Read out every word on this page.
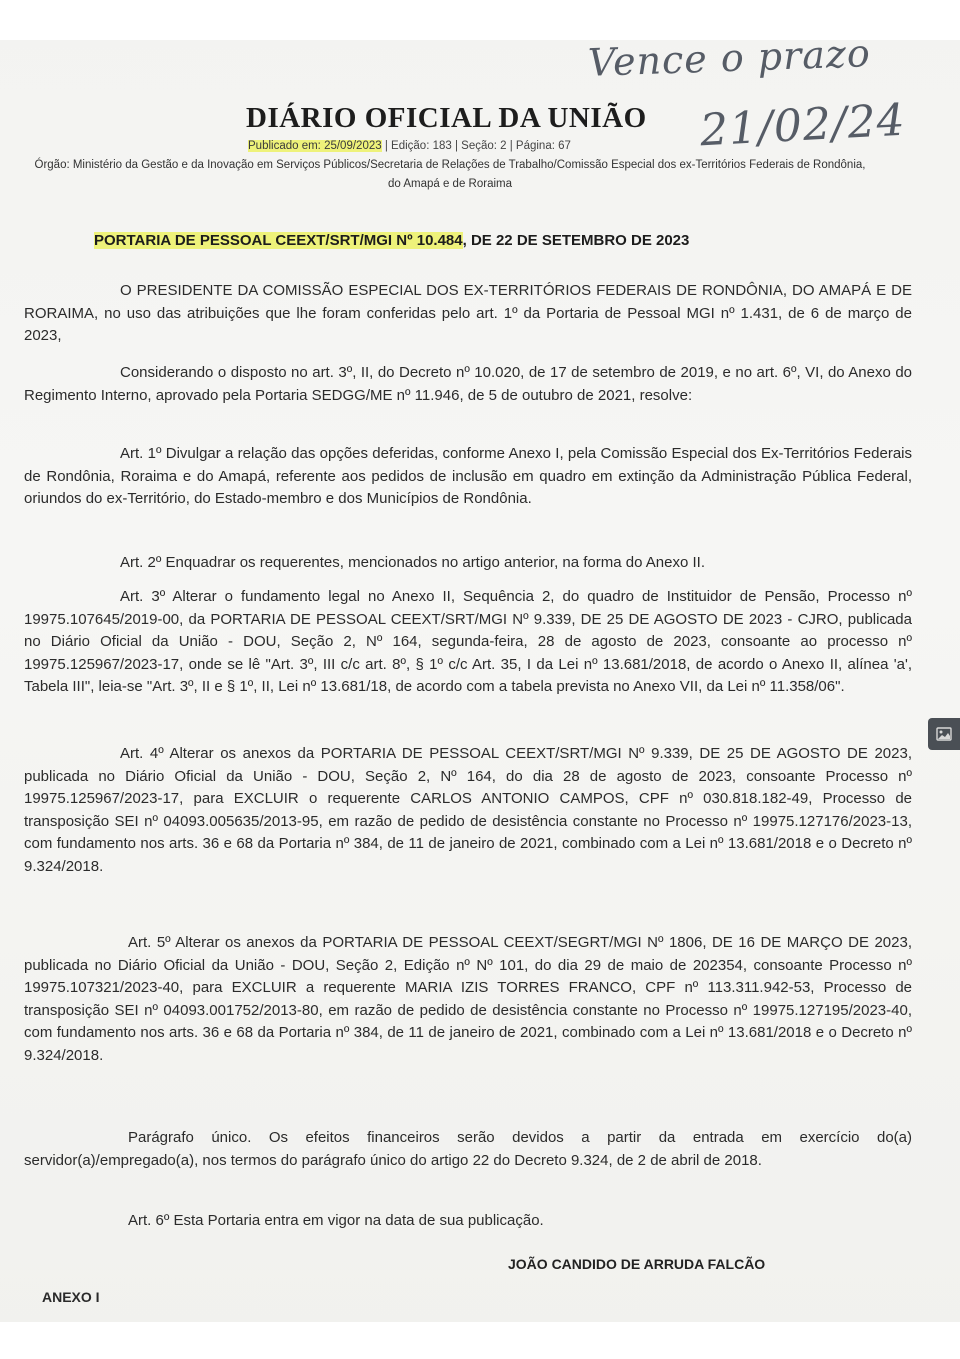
Vence o prazo
21/02/24
DIÁRIO OFICIAL DA UNIÃO
Publicado em: 25/09/2023 | Edição: 183 | Seção: 2 | Página: 67
Órgão: Ministério da Gestão e da Inovação em Serviços Públicos/Secretaria de Relações de Trabalho/Comissão Especial dos ex-Territórios Federais de Rondônia, do Amapá e de Roraima
PORTARIA DE PESSOAL CEEXT/SRT/MGI Nº 10.484, DE 22 DE SETEMBRO DE 2023

O PRESIDENTE DA COMISSÃO ESPECIAL DOS EX-TERRITÓRIOS FEDERAIS DE RONDÔNIA, DO AMAPÁ E DE RORAIMA, no uso das atribuições que lhe foram conferidas pelo art. 1º da Portaria de Pessoal MGI nº 1.431, de 6 de março de 2023,

Considerando o disposto no art. 3º, II, do Decreto nº 10.020, de 17 de setembro de 2019, e no art. 6º, VI, do Anexo do Regimento Interno, aprovado pela Portaria SEDGG/ME nº 11.946, de 5 de outubro de 2021, resolve:

Art. 1º Divulgar a relação das opções deferidas, conforme Anexo I, pela Comissão Especial dos Ex-Territórios Federais de Rondônia, Roraima e do Amapá, referente aos pedidos de inclusão em quadro em extinção da Administração Pública Federal, oriundos do ex-Território, do Estado-membro e dos Municípios de Rondônia.

Art. 2º Enquadrar os requerentes, mencionados no artigo anterior, na forma do Anexo II.

Art. 3º Alterar o fundamento legal no Anexo II, Sequência 2, do quadro de Instituidor de Pensão, Processo nº 19975.107645/2019-00, da PORTARIA DE PESSOAL CEEXT/SRT/MGI Nº 9.339, DE 25 DE AGOSTO DE 2023 - CJRO, publicada no Diário Oficial da União - DOU, Seção 2, Nº 164, segunda-feira, 28 de agosto de 2023, consoante ao processo nº 19975.125967/2023-17, onde se lê "Art. 3º, III c/c art. 8º, § 1º c/c Art. 35, I da Lei nº 13.681/2018, de acordo o Anexo II, alínea 'a', Tabela III", leia-se "Art. 3º, II e § 1º, II, Lei nº 13.681/18, de acordo com a tabela prevista no Anexo VII, da Lei nº 11.358/06".

Art. 4º Alterar os anexos da PORTARIA DE PESSOAL CEEXT/SRT/MGI Nº 9.339, DE 25 DE AGOSTO DE 2023, publicada no Diário Oficial da União - DOU, Seção 2, Nº 164, do dia 28 de agosto de 2023, consoante Processo nº 19975.125967/2023-17, para EXCLUIR o requerente CARLOS ANTONIO CAMPOS, CPF nº 030.818.182-49, Processo de transposição SEI nº 04093.005635/2013-95, em razão de pedido de desistência constante no Processo nº 19975.127176/2023-13, com fundamento nos arts. 36 e 68 da Portaria nº 384, de 11 de janeiro de 2021, combinado com a Lei nº 13.681/2018 e o Decreto nº 9.324/2018.

Art. 5º Alterar os anexos da PORTARIA DE PESSOAL CEEXT/SEGRT/MGI Nº 1806, DE 16 DE MARÇO DE 2023, publicada no Diário Oficial da União - DOU, Seção 2, Edição nº Nº 101, do dia 29 de maio de 202354, consoante Processo nº 19975.107321/2023-40, para EXCLUIR a requerente MARIA IZIS TORRES FRANCO, CPF nº 113.311.942-53, Processo de transposição SEI nº 04093.001752/2013-80, em razão de pedido de desistência constante no Processo nº 19975.127195/2023-40, com fundamento nos arts. 36 e 68 da Portaria nº 384, de 11 de janeiro de 2021, combinado com a Lei nº 13.681/2018 e o Decreto nº 9.324/2018.

Parágrafo único. Os efeitos financeiros serão devidos a partir da entrada em exercício do(a) servidor(a)/empregado(a), nos termos do parágrafo único do artigo 22 do Decreto 9.324, de 2 de abril de 2018.

Art. 6º Esta Portaria entra em vigor na data de sua publicação.

JOÃO CANDIDO DE ARRUDA FALCÃO
ANEXO I
